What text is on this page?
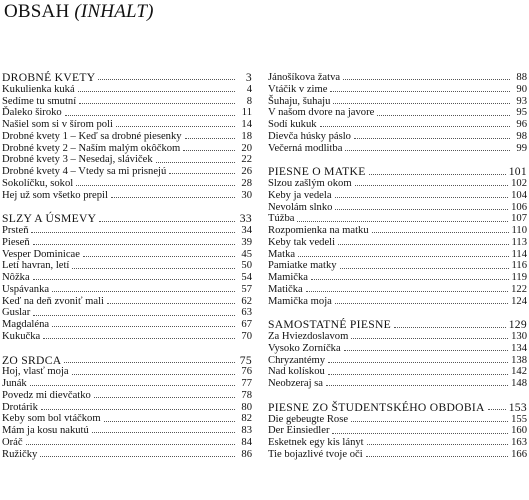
OBSAH (INHALT)
DROBNÉ KVETY	3
Kukulienka kuká	4
Sedíme tu smutní	8
Ďaleko široko	11
Našiel som si v šírom poli	14
Drobné kvety 1 – Keď sa drobné piesenky	18
Drobné kvety 2 – Naším malým okôčkom	20
Drobné kvety 3 – Nesedaj, sláviček	22
Drobné kvety 4 – Vtedy sa mi prisnejú	26
Sokolíčku, sokol	28
Hej už som všetko prepil	30
SLZY A ÚSMEVY	33
Prsteň	34
Pieseň	39
Vesper Dominicae	45
Letí havran, letí	50
Nôžka	54
Uspávanka	57
Keď na deň zvoniť mali	62
Guslar	63
Magdaléna	67
Kukučka	70
ZO SRDCA	75
Hoj, vlasť moja	76
Junák	77
Povedz mi dievčatko	78
Drotárik	80
Keby som bol vtáčkom	82
Mám ja kosu nakutú	83
Oráč	84
Ružičky	86
Jánošíkova žatva	88
Vtáčik v zime	90
Šuhaju, šuhaju	93
V našom dvore na javore	95
Sodí kukuk	96
Dievča húsky páslo	98
Večerná modlitba	99
PIESNE O MATKE	101
Slzou zašlým okom	102
Keby ja vedela	104
Nevolám slnko	106
Túžba	107
Rozpomienka na matku	110
Keby tak vedeli	113
Matka	114
Pamiatke matky	116
Mamička	119
Matička	122
Mamička moja	124
SAMOSTATNÉ PIESNE	129
Za Hviezdoslavom	130
Vysoko Zorníčka	134
Chryzantémy	138
Nad kolískou	142
Neobzeraj sa	148
PIESNE ZO ŠTUDENTSKÉHO OBDOBIA 153
Die gebeugte Rose	155
Der Einsiedler	160
Esketnek egy kis lányt	163
Tie bojazlivé tvoje oči	166
